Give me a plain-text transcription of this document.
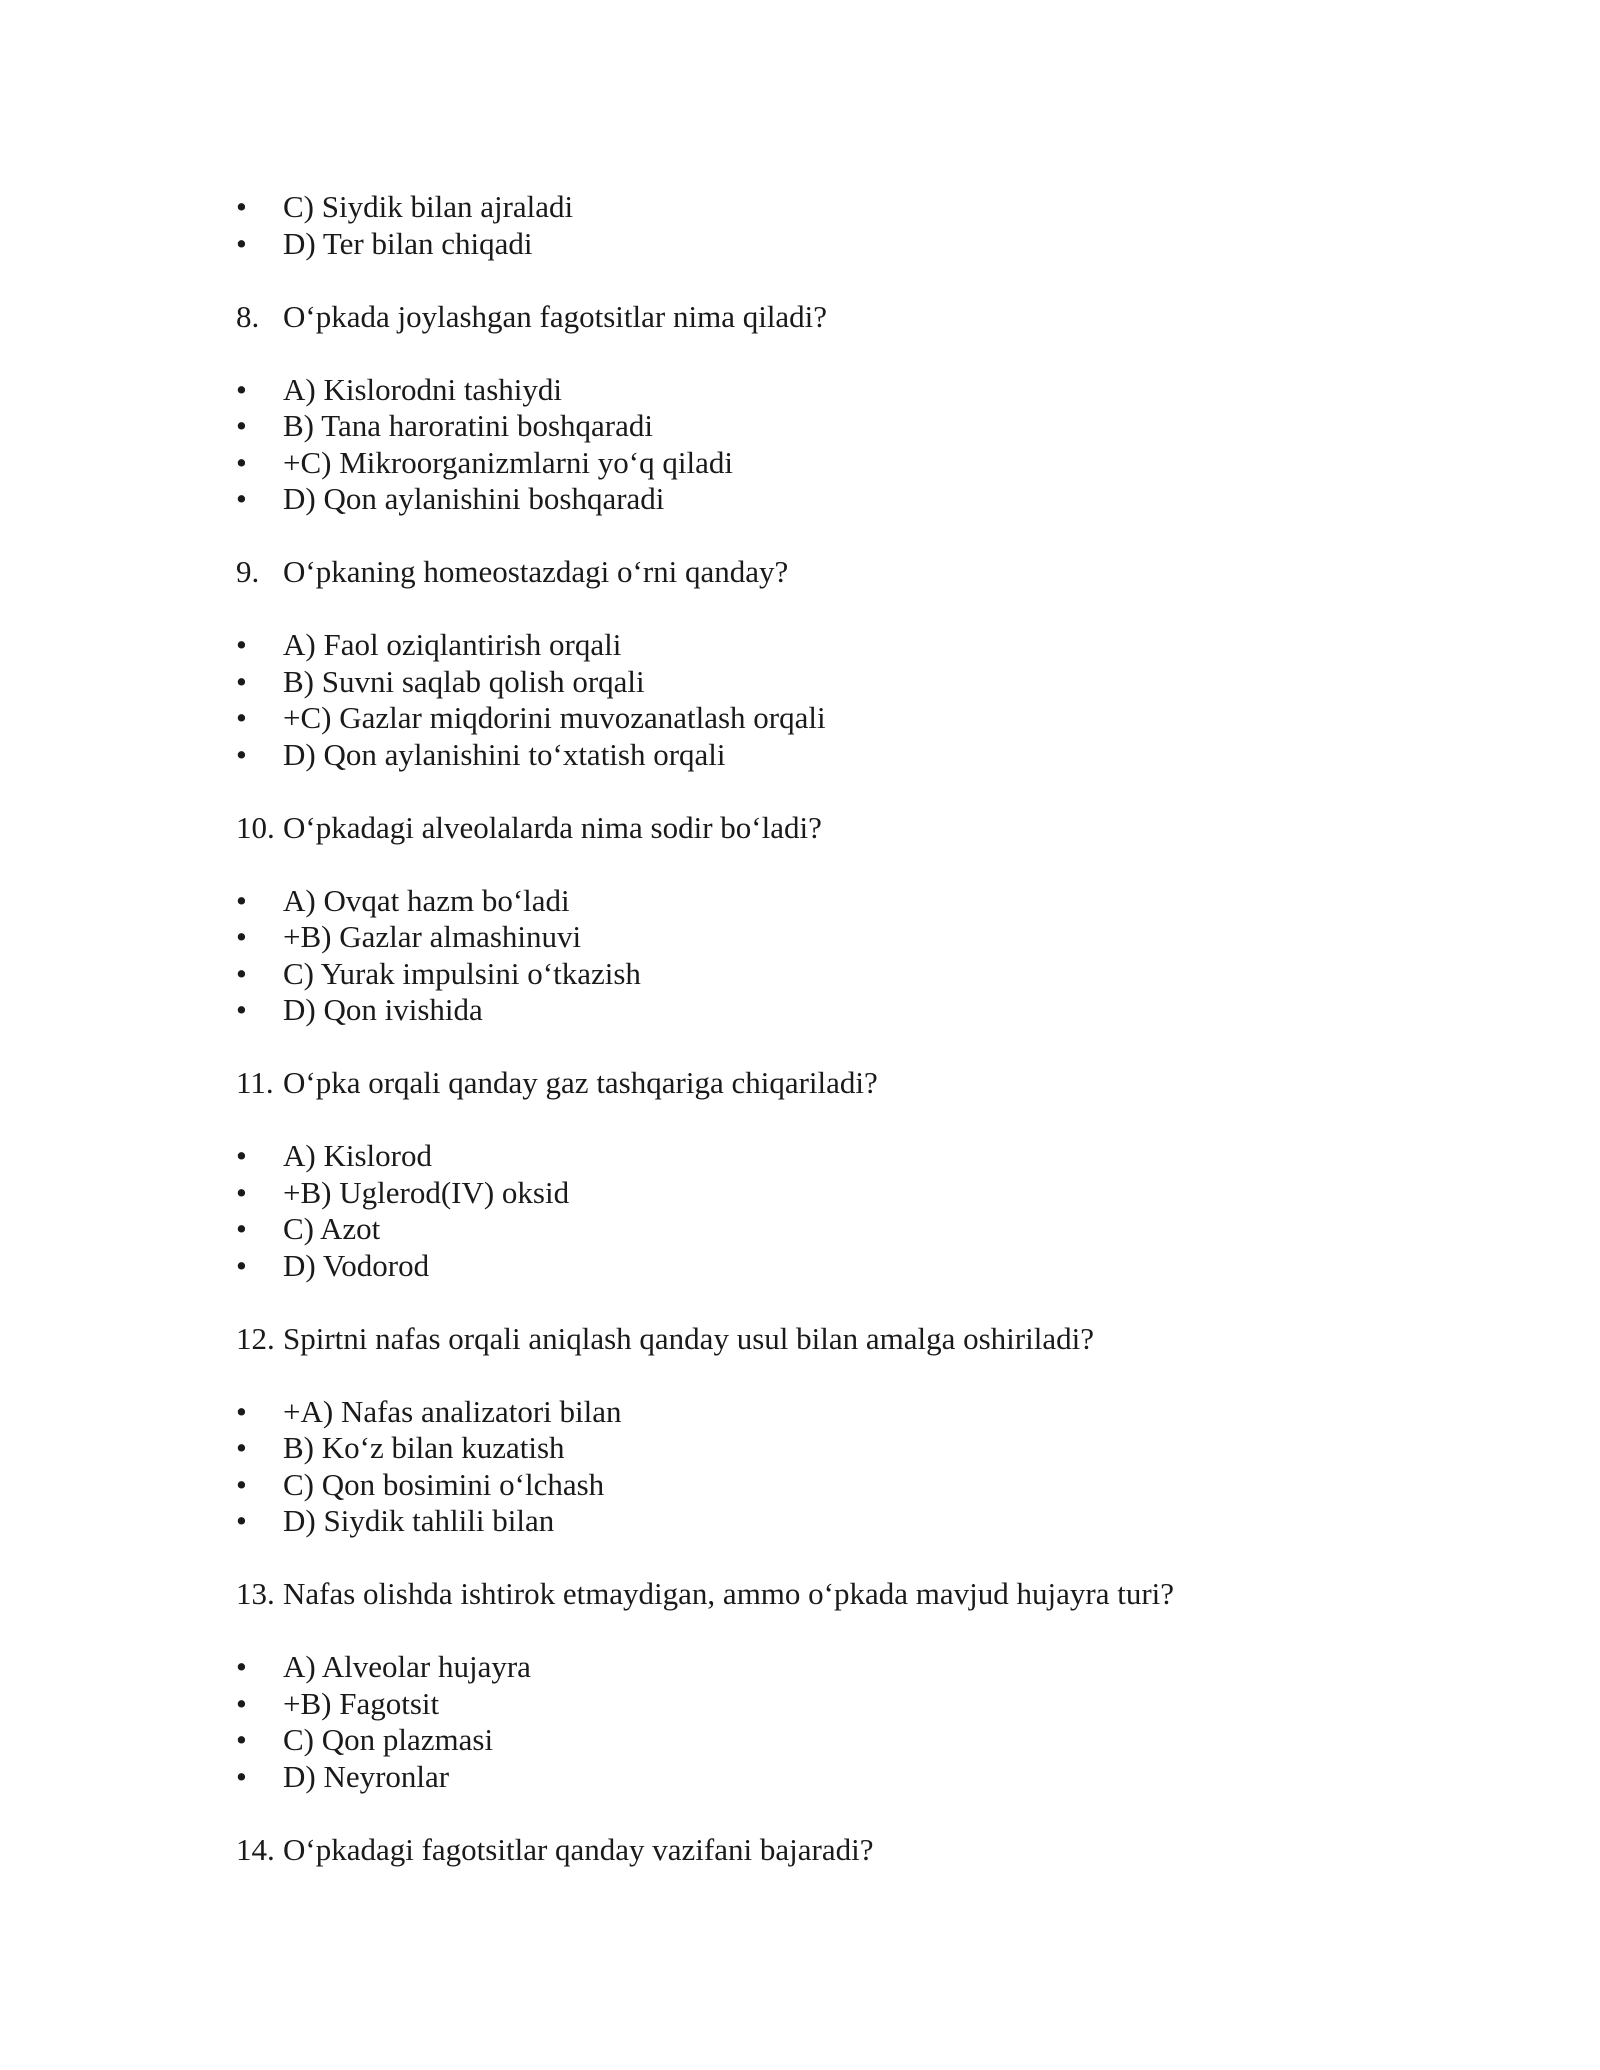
• C) Siydik bilan ajraladi
• D) Ter bilan chiqadi
8. Oʻpkada joylashgan fagotsitlar nima qiladi?
• A) Kislorodni tashiydi
• B) Tana haroratini boshqaradi
• +C) Mikroorganizmlarni yoʻq qiladi
• D) Qon aylanishini boshqaradi
9. Oʻpkaning homeostazdagi oʻrni qanday?
• A) Faol oziqlantirish orqali
• B) Suvni saqlab qolish orqali
• +C) Gazlar miqdorini muvozanatlash orqali
• D) Qon aylanishini toʻxtatish orqali
10. Oʻpkadagi alveolalarda nima sodir boʻladi?
• A) Ovqat hazm boʻladi
• +B) Gazlar almashinuvi
• C) Yurak impulsini oʻtkazish
• D) Qon ivishida
11. Oʻpka orqali qanday gaz tashqariga chiqariladi?
• A) Kislorod
• +B) Uglerod(IV) oksid
• C) Azot
• D) Vodorod
12. Spirtni nafas orqali aniqlash qanday usul bilan amalga oshiriladi?
• +A) Nafas analizatori bilan
• B) Koʻz bilan kuzatish
• C) Qon bosimini oʻlchash
• D) Siydik tahlili bilan
13. Nafas olishda ishtirok etmaydigan, ammo oʻpkada mavjud hujayra turi?
• A) Alveolar hujayra
• +B) Fagotsit
• C) Qon plazmasi
• D) Neyronlar
14. Oʻpkadagi fagotsitlar qanday vazifani bajaradi?
